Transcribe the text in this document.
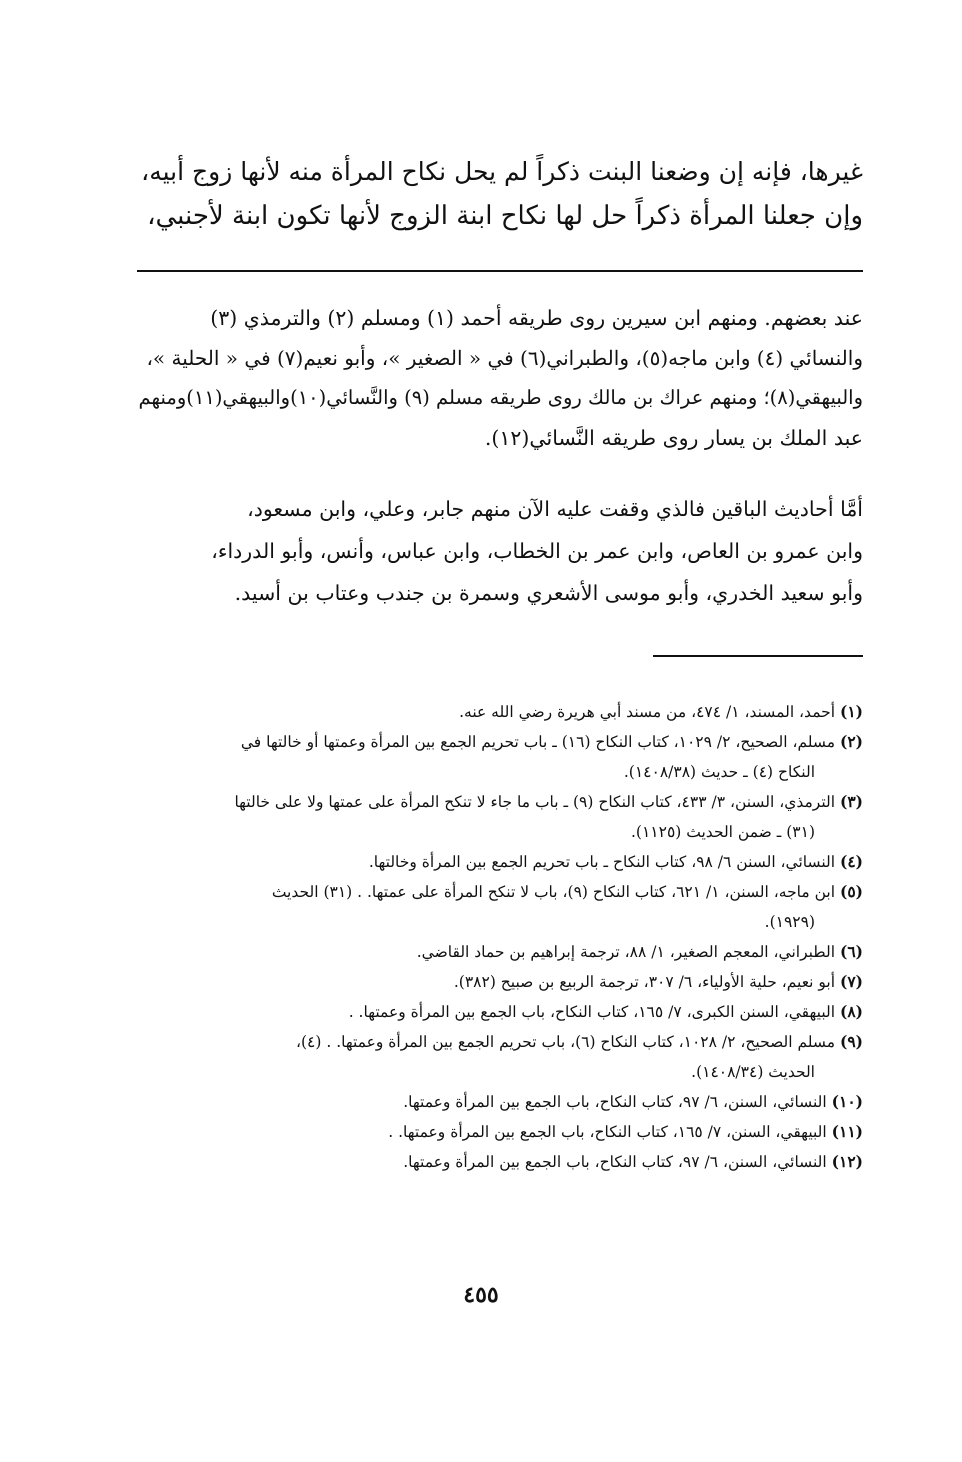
غيرها، فإنه إن وضعنا البنت ذكراً لم يحل نكاح المرأة منه لأنها زوج أبيه،
وإن جعلنا المرأة ذكراً حل لها نكاح ابنة الزوج لأنها تكون ابنة لأجنبي،
عند بعضهم. ومنهم ابن سيرين روى طريقه أحمد (١) ومسلم (٢) والترمذي (٣)
والنسائي (٤) وابن ماجه(٥)، والطبراني(٦) في « الصغير »، وأبو نعيم(٧) في « الحلية »،
والبيهقي(٨)؛ ومنهم عراك بن مالك روى طريقه مسلم (٩) والنَّسائي(١٠)والبيهقي(١١)ومنهم
عبد الملك بن يسار روى طريقه النَّسائي(١٢).
أمَّا أحاديث الباقين فالذي وقفت عليه الآن منهم جابر، وعلي، وابن مسعود،
وابن عمرو بن العاص، وابن عمر بن الخطاب، وابن عباس، وأنس، وأبو الدرداء،
وأبو سعيد الخدري، وأبو موسى الأشعري وسمرة بن جندب وعتاب بن أسيد.
(١) أحمد، المسند، ١/ ٤٧٤، من مسند أبي هريرة رضي الله عنه.
(٢) مسلم، الصحيح، ٢/ ١٠٢٩، كتاب النكاح (١٦) ـ باب تحريم الجمع بين المرأة وعمتها أو خالتها في
النكاح (٤) ـ حديث (١٤٠٨/٣٨).
(٣) الترمذي، السنن، ٣/ ٤٣٣، كتاب النكاح (٩) ـ باب ما جاء لا تنكح المرأة على عمتها ولا على خالتها
(٣١) ـ ضمن الحديث (١١٢٥).
(٤) النسائي، السنن ٦/ ٩٨، كتاب النكاح ـ باب تحريم الجمع بين المرأة وخالتها.
(٥) ابن ماجه، السنن، ١/ ٦٢١، كتاب النكاح (٩)، باب لا تنكح المرأة على عمتها. . (٣١) الحديث
(١٩٢٩).
(٦) الطبراني، المعجم الصغير، ١/ ٨٨، ترجمة إبراهيم بن حماد القاضي.
(٧) أبو نعيم، حلية الأولياء، ٦/ ٣٠٧، ترجمة الربيع بن صبيح (٣٨٢).
(٨) البيهقي، السنن الكبرى، ٧/ ١٦٥، كتاب النكاح، باب الجمع بين المرأة وعمتها. .
(٩) مسلم الصحيح، ٢/ ١٠٢٨، كتاب النكاح (٦)، باب تحريم الجمع بين المرأة وعمتها. . (٤)،
الحديث (١٤٠٨/٣٤).
(١٠) النسائي، السنن، ٦/ ٩٧، كتاب النكاح، باب الجمع بين المرأة وعمتها.
(١١) البيهقي، السنن، ٧/ ١٦٥، كتاب النكاح، باب الجمع بين المرأة وعمتها. .
(١٢) النسائي، السنن، ٦/ ٩٧، كتاب النكاح، باب الجمع بين المرأة وعمتها.
٤٥٥
